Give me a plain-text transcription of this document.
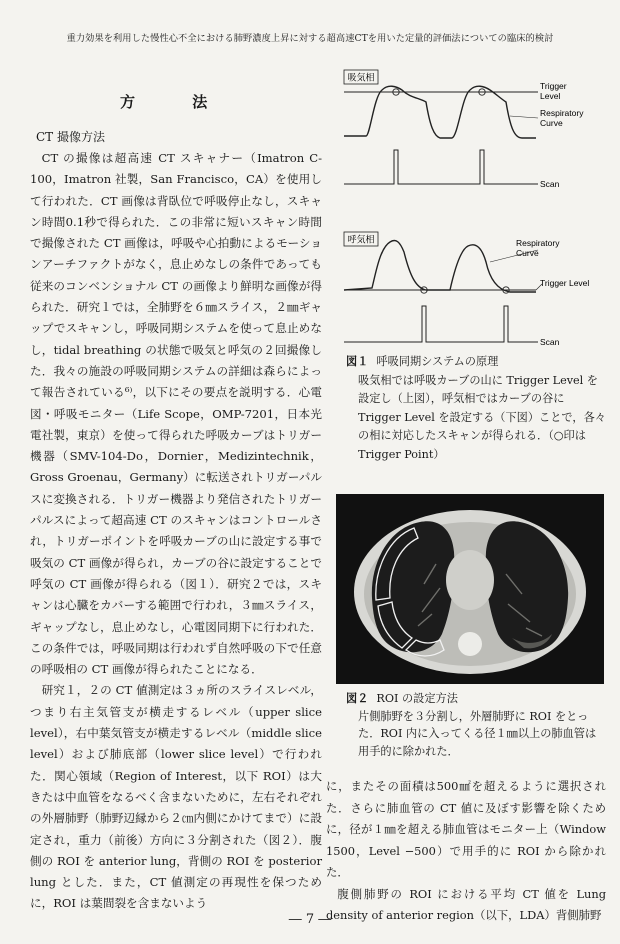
重力効果を利用した慢性心不全における肺野濃度上昇に対する超高速CTを用いた定量的評価法についての臨床的検討
方 法
CT 撮像方法

CT の撮像は超高速 CT スキャナー（Imatron C-100，Imatron 社製，San Francisco，CA）を使用して行われた．CT 画像は背臥位で呼吸停止なし，スキャン時間0.1秒で得られた．この非常に短いスキャン時間で撮像された CT 画像は，呼吸や心拍動によるモーションアーチファクトがなく，息止めなしの条件であっても従来のコンベンショナル CT の画像より鮮明な画像が得られた．研究１では，全肺野を６㎜スライス，２㎜ギャップでスキャンし，呼吸同期システムを使って息止めなし，tidal breathing の状態で吸気と呼気の２回撮像した．我々の施設の呼吸同期システムの詳細は森らによって報告されている⁶⁾，以下にその要点を説明する．心電図・呼吸モニター（Life Scope，OMP-7201，日本光電社製，東京）を使って得られた呼吸カーブはトリガー機器（SMV-104-Do，Dornier，Medizintechnik，Gross Groenau，Germany）に転送されトリガーパルスに変換される．トリガー機器より発信されたトリガーパルスによって超高速 CT のスキャンはコントロールされ，トリガーポイントを呼吸カーブの山に設定する事で吸気の CT 画像が得られ，カーブの谷に設定することで呼気の CT 画像が得られる（図１）．研究２では，スキャンは心臓をカバーする範囲で行われ，３㎜スライス，ギャップなし，息止めなし，心電図同期下に行われた．この条件では，呼吸同期は行われず自然呼吸の下で任意の呼吸相の CT 画像が得られたことになる．

研究１，２の CT 値測定は３ヵ所のスライスレベル，つまり右主気管支が横走するレベル（upper slice level），右中葉気管支が横走するレベル（middle slice level）および肺底部（lower slice level）で行われた．関心領域（Region of Interest，以下 ROI）は大きたは中血管をなるべく含まないために，左右それぞれの外層肺野（肺野辺縁から２㎝内側にかけてまで）に設定され，重力（前後）方向に３分割された（図２）．腹側の ROI を anterior lung，背側の ROI を posterior lung とした．また，CT 値測定の再現性を保つために，ROI は葉間裂を含まないよう

吸気相
Trigger
Level
Respiratory
Curve
Scan
呼気相	Respiratory
Curve
Trigger Level
Scan
図１ 呼吸同期システムの原理
吸気相では呼吸カーブの山に Trigger Level を設定し（上図），呼気相ではカーブの谷に Trigger Level を設定する（下図）ことで，各々の相に対応したスキャンが得られる．（○印は Trigger Point）
図２ ROI の設定方法
片側肺野を３分割し，外層肺野に ROI をとった．ROI 内に入ってくる径１㎜以上の肺血管は用手的に除かれた．

に，またその面積は500㎟を超えるように選択された．さらに肺血管の CT 値に及ぼす影響を除くために，径が１㎜を超える肺血管はモニター上（Window 1500，Level −500）で用手的に ROI から除かれた．

腹側肺野の ROI における平均 CT 値を Lung density of anterior region（以下，LDA）背側肺野

― 7 ―
